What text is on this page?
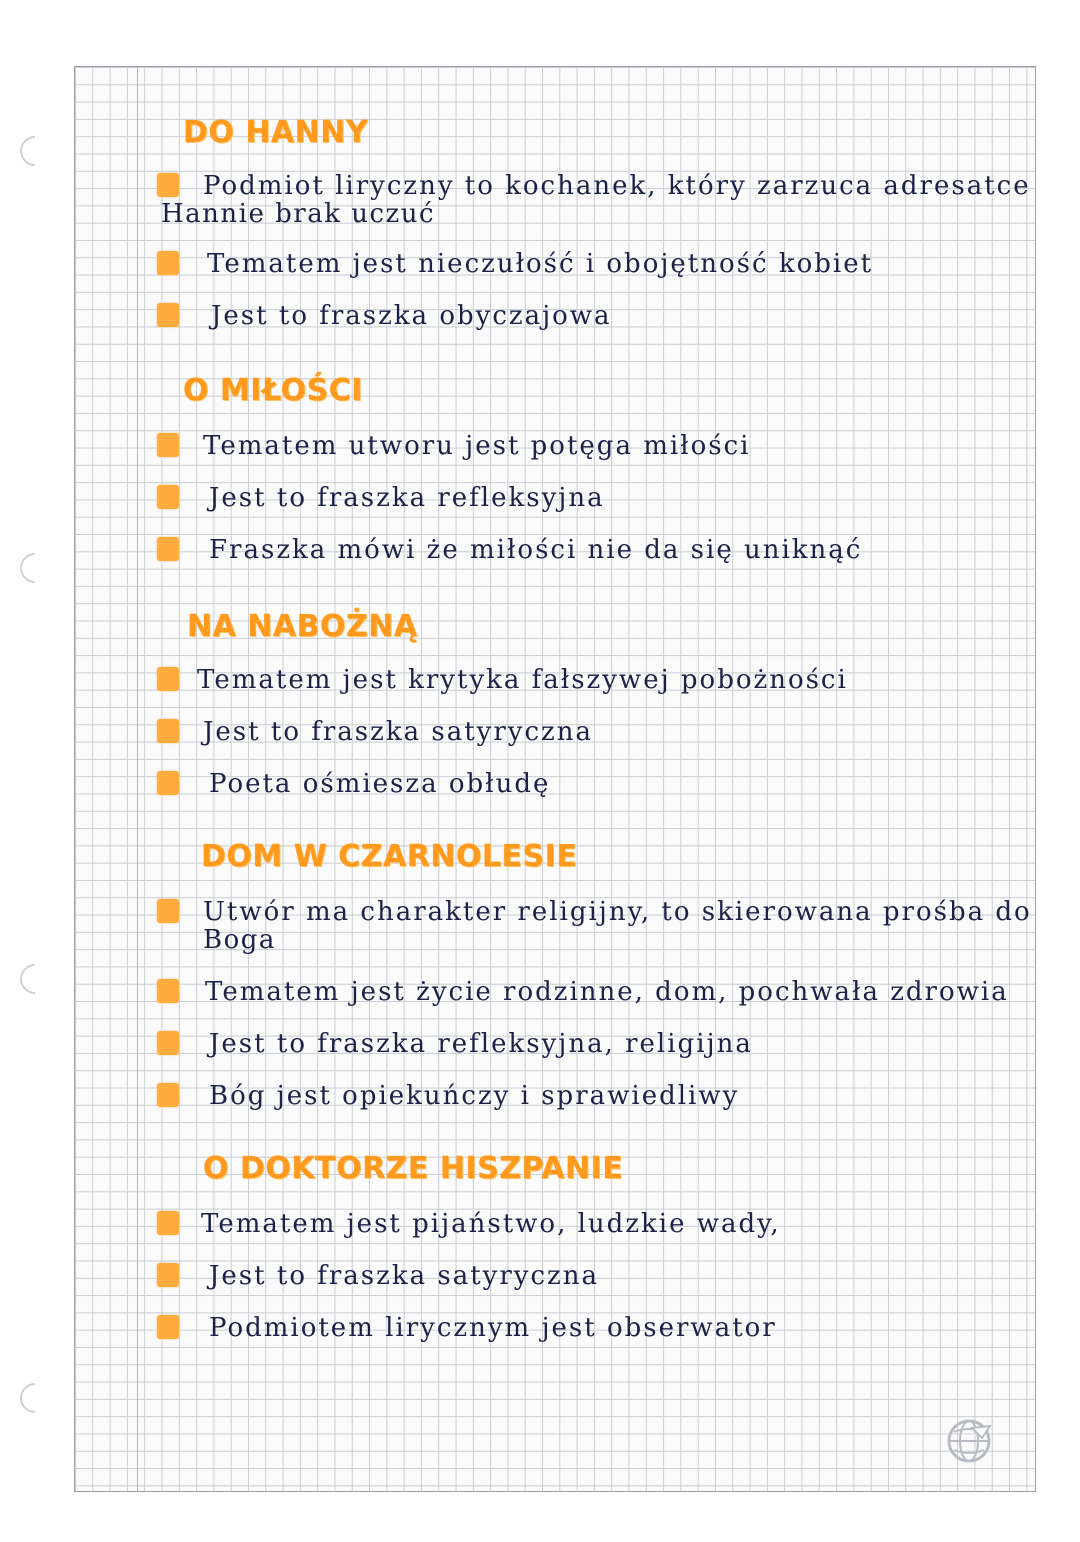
DO HANNY

Podmiot liryczny to kochanek, który zarzuca adresatce

Hannie brak uczuć

Tematem jest nieczułość i obojętność kobiet

Jest to fraszka obyczajowa

O MIŁOŚCI

Tematem utworu jest potęga miłości

Jest to fraszka refleksyjna

Fraszka mówi że miłości nie da się uniknąć

NA NABOŻNĄ

Tematem jest krytyka fałszywej pobożności

Jest to fraszka satyryczna

Poeta ośmiesza obłudę

DOM W CZARNOLESIE

Utwór ma charakter religijny, to skierowana prośba do

Boga

Tematem jest życie rodzinne, dom, pochwała zdrowia

Jest to fraszka refleksyjna, religijna

Bóg jest opiekuńczy i sprawiedliwy

O DOKTORZE HISZPANIE

Tematem jest pijaństwo, ludzkie wady,

Jest to fraszka satyryczna

Podmiotem lirycznym jest obserwator
